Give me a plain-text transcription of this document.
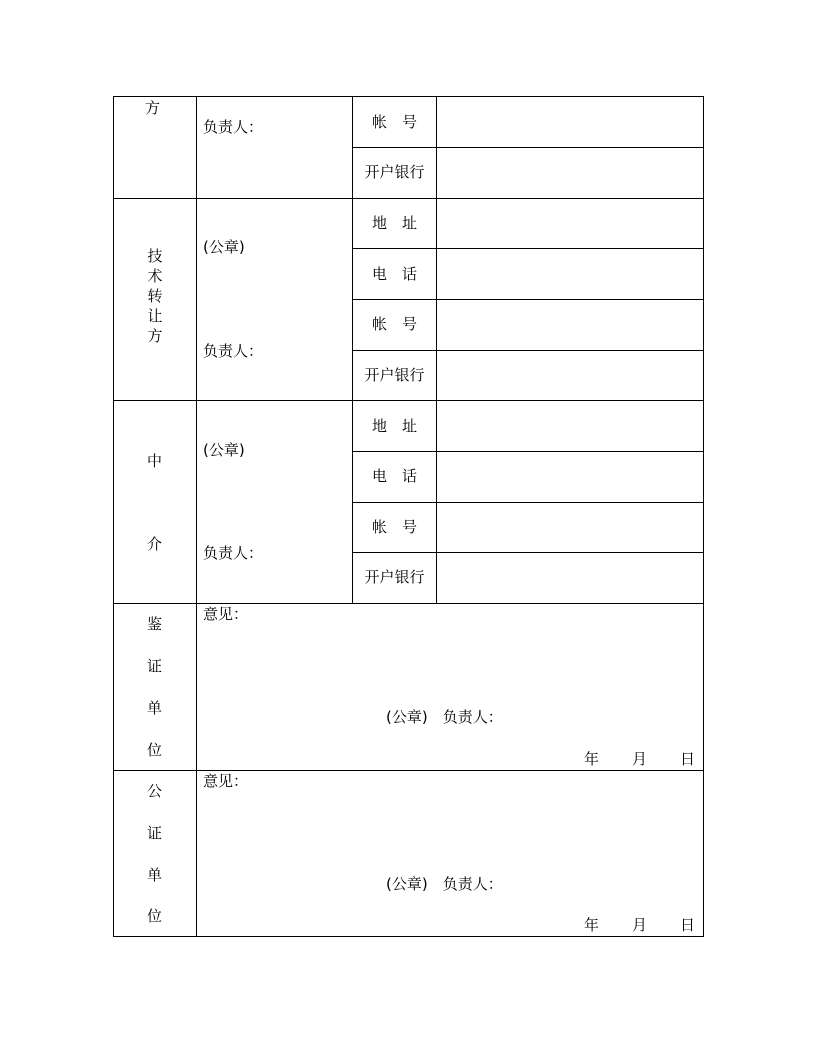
方
负责人：	帐　号
开户银行
技
术
转
让
方
(公章)
负责人：
地　址
电　话
帐　号
开户银行
中
介
(公章)
负责人：
地　址
电　话
帐　号
开户银行
鉴
证
单
位
意见：
(公章)　负责人：
年 月 日
公
证
单
位
意见：
(公章)　负责人：
年 月 日
